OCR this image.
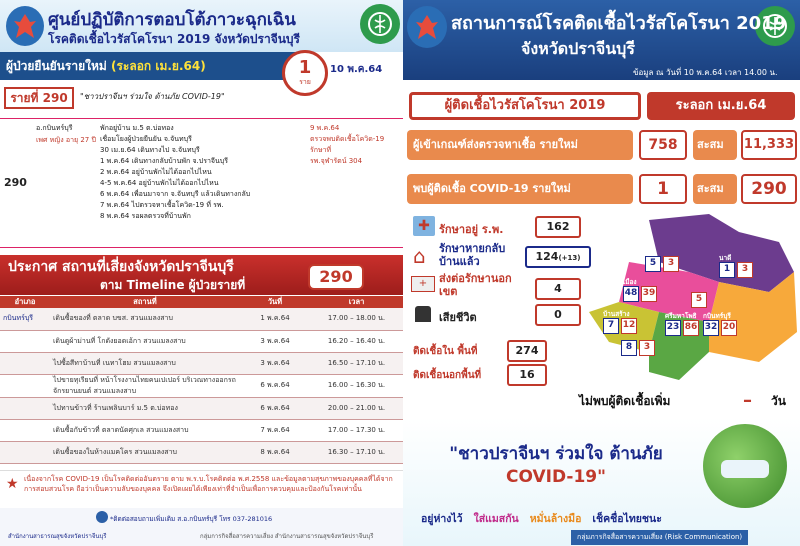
ศูนย์ปฏิบัติการตอบโต้ภาวะฉุกเฉิน
โรคติดเชื้อไวรัสโคโรนา 2019 จังหวัดปราจีนบุรี
ผู้ป่วยยืนยันรายใหม่ (ระลอก เม.ย.64)	1
ราย
10 พ.ค.64
รายที่ 290	"ชาวปราจีนฯ ร่วมใจ ต้านภัย COVID-19"
อ.กบินทร์บุรี
เพศ หญิง อายุ 27 ปี
พักอยู่บ้าน ม.5 ต.บ่อทอง
เชื่อมโยงผู้ป่วยยืนยัน จ.จันทบุรี
30 เม.ย.64 เดินทางไป จ.จันทบุรี
1 พ.ค.64 เดินทางกลับบ้านพัก จ.ปราจีนบุรี
2 พ.ค.64 อยู่บ้านพักไม่ได้ออกไปไหน
4-5 พ.ค.64 อยู่บ้านพักไม่ได้ออกไปไหน
6 พ.ค.64 เพื่อนมาจาก จ.จันทบุรี แล้วเดินทางกลับ
7 พ.ค.64 ไปตรวจหาเชื้อโควิด-19 ที่ รพ.
8 พ.ค.64 รอผลตรวจที่บ้านพัก
9 พ.ค.64
ตรวจพบติดเชื้อโควิด-19
รักษาที่
รพ.จุฬารัตน์ 304
290
ประกาศ สถานที่เสี่ยงจังหวัดปราจีนบุรี
ตาม Timeline ผู้ป่วยรายที่	290
อำเภอ	สถานที่	วันที่	เวลา
กบินทร์บุรี	เดินซื้อของที่ ตลาด บขส. สวนแมลงสาบ	1 พ.ค.64	17.00 – 18.00 น.
	เดินดูผ้าม่านที่ โกดังยอดเอ้กา สวนแมลงสาบ	3 พ.ค.64	16.20 – 16.40 น.
	ไปซื้อสีทาบ้านที่ เนทาโฮม สวนแมลงสาบ	3 พ.ค.64	16.50 – 17.10 น.
	ไปขายทุเรียนที่ หน้าโรงงานไทยคนเปเปอร์ บริเวณทางออกรถจักรยานยนต์ สวนแมลงสาบ	6 พ.ค.64	16.00 – 16.30 น.
	ไปทานข้าวที่ ร้านเพลินบาร์ ม.5 ต.บ่อทอง	6 พ.ค.64	20.00 – 21.00 น.
	เดินซื้อกับข้าวที่ ตลาดนัดศุกเล สวนแมลงสาบ	7 พ.ค.64	17.00 – 17.30 น.
	เดินซื้อของในห้างแมคโคร สวนแมลงสาบ	8 พ.ค.64	16.30 – 17.10 น.
★ เนื่องจากโรค COVID-19 เป็นโรคติดต่ออันตราย ตาม พ.ร.บ.โรคติดต่อ พ.ศ.2558 และข้อมูลตามสุขภาพของบุคคลที่ได้จากการสอบสวนโรค ถือว่าเป็นความลับของบุคคล จึงเปิดเผยได้เพียงเท่าที่จำเป็นเพื่อการควบคุมและป้องกันโรคเท่านั้น
*ติดต่อสอบถามเพิ่มเติม ส.อ.กบินทร์บุรี โทร 037-281016
สำนักงานสาธารณสุขจังหวัดปราจีนบุรี	กลุ่มการกิจสื่อสารความเสี่ยง สำนักงานสาธารณสุขจังหวัดปราจีนบุรี
สถานการณ์โรคติดเชื้อไวรัสโคโรนา 2019
จังหวัดปราจีนบุรี
ข้อมูล ณ วันที่ 10 พ.ค.64 เวลา 14.00 น.
ผู้ติดเชื้อไวรัสโคโรนา 2019	ระลอก เม.ย.64
ผู้เข้าเกณฑ์ส่งตรวจหาเชื้อ รายใหม่	758	สะสม	11,333
พบผู้ติดเชื้อ COVID-19 รายใหม่	1	สะสม	290
✚ รักษาอยู่ ร.พ.	162
⌂ รักษาหายกลับบ้านแล้ว	124(+13)
+	ส่งต่อรักษานอกเขต	4
เสียชีวิต	0
ติดเชื้อใน พื้นที่	274
ติดเชื้อนอกพื้นที่	16
5	3	นาดี
1	3
เมือง
48 39
5
บ้านสร้าง
7 12
ศรีมหาโพธิ
23 86
8	3
กบินทร์บุรี
32 20
ไม่พบผู้ติดเชื้อเพิ่ม	– วัน
"ชาวปราจีนฯ ร่วมใจ ต้านภัย
COVID-19"
อยู่ห่างไว้ ใส่แมสกัน หมั่นล้างมือ เช็คชื่อไทยชนะ
กลุ่มภารกิจสื่อสารความเสี่ยง (Risk Communication)
